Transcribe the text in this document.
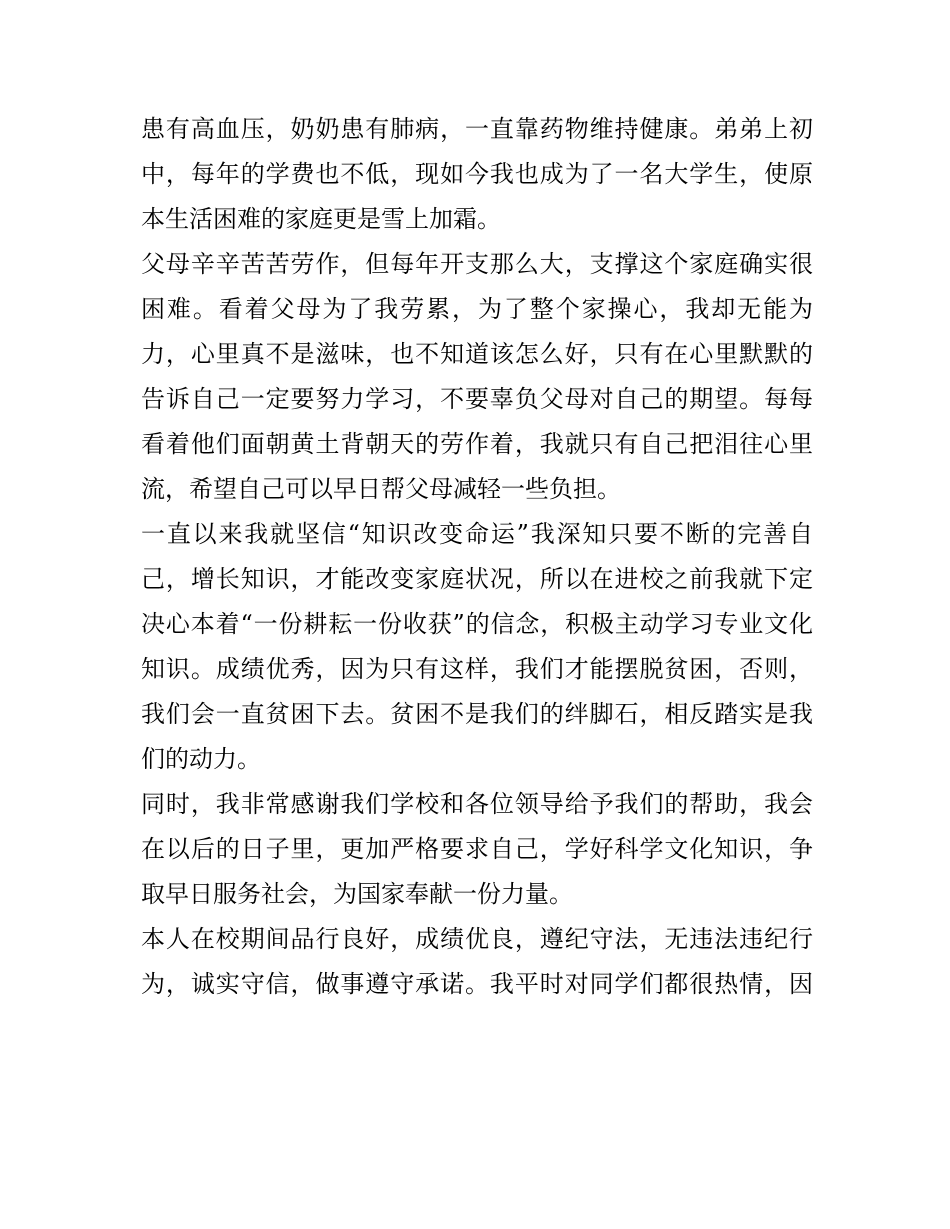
患有高血压，奶奶患有肺病，一直靠药物维持健康。弟弟上初
中，每年的学费也不低，现如今我也成为了一名大学生，使原
本生活困难的家庭更是雪上加霜。
父母辛辛苦苦劳作，但每年开支那么大，支撑这个家庭确实很
困难。看着父母为了我劳累，为了整个家操心，我却无能为
力，心里真不是滋味，也不知道该怎么好，只有在心里默默的
告诉自己一定要努力学习，不要辜负父母对自己的期望。每每
看着他们面朝黄土背朝天的劳作着，我就只有自己把泪往心里
流，希望自己可以早日帮父母减轻一些负担。
一直以来我就坚信“知识改变命运”我深知只要不断的完善自
己，增长知识，才能改变家庭状况，所以在进校之前我就下定
决心本着“一份耕耘一份收获”的信念，积极主动学习专业文化
知识。成绩优秀，因为只有这样，我们才能摆脱贫困，否则，
我们会一直贫困下去。贫困不是我们的绊脚石，相反踏实是我
们的动力。
同时，我非常感谢我们学校和各位领导给予我们的帮助，我会
在以后的日子里，更加严格要求自己，学好科学文化知识，争
取早日服务社会，为国家奉献一份力量。
本人在校期间品行良好，成绩优良，遵纪守法，无违法违纪行
为，诚实守信，做事遵守承诺。我平时对同学们都很热情，因
